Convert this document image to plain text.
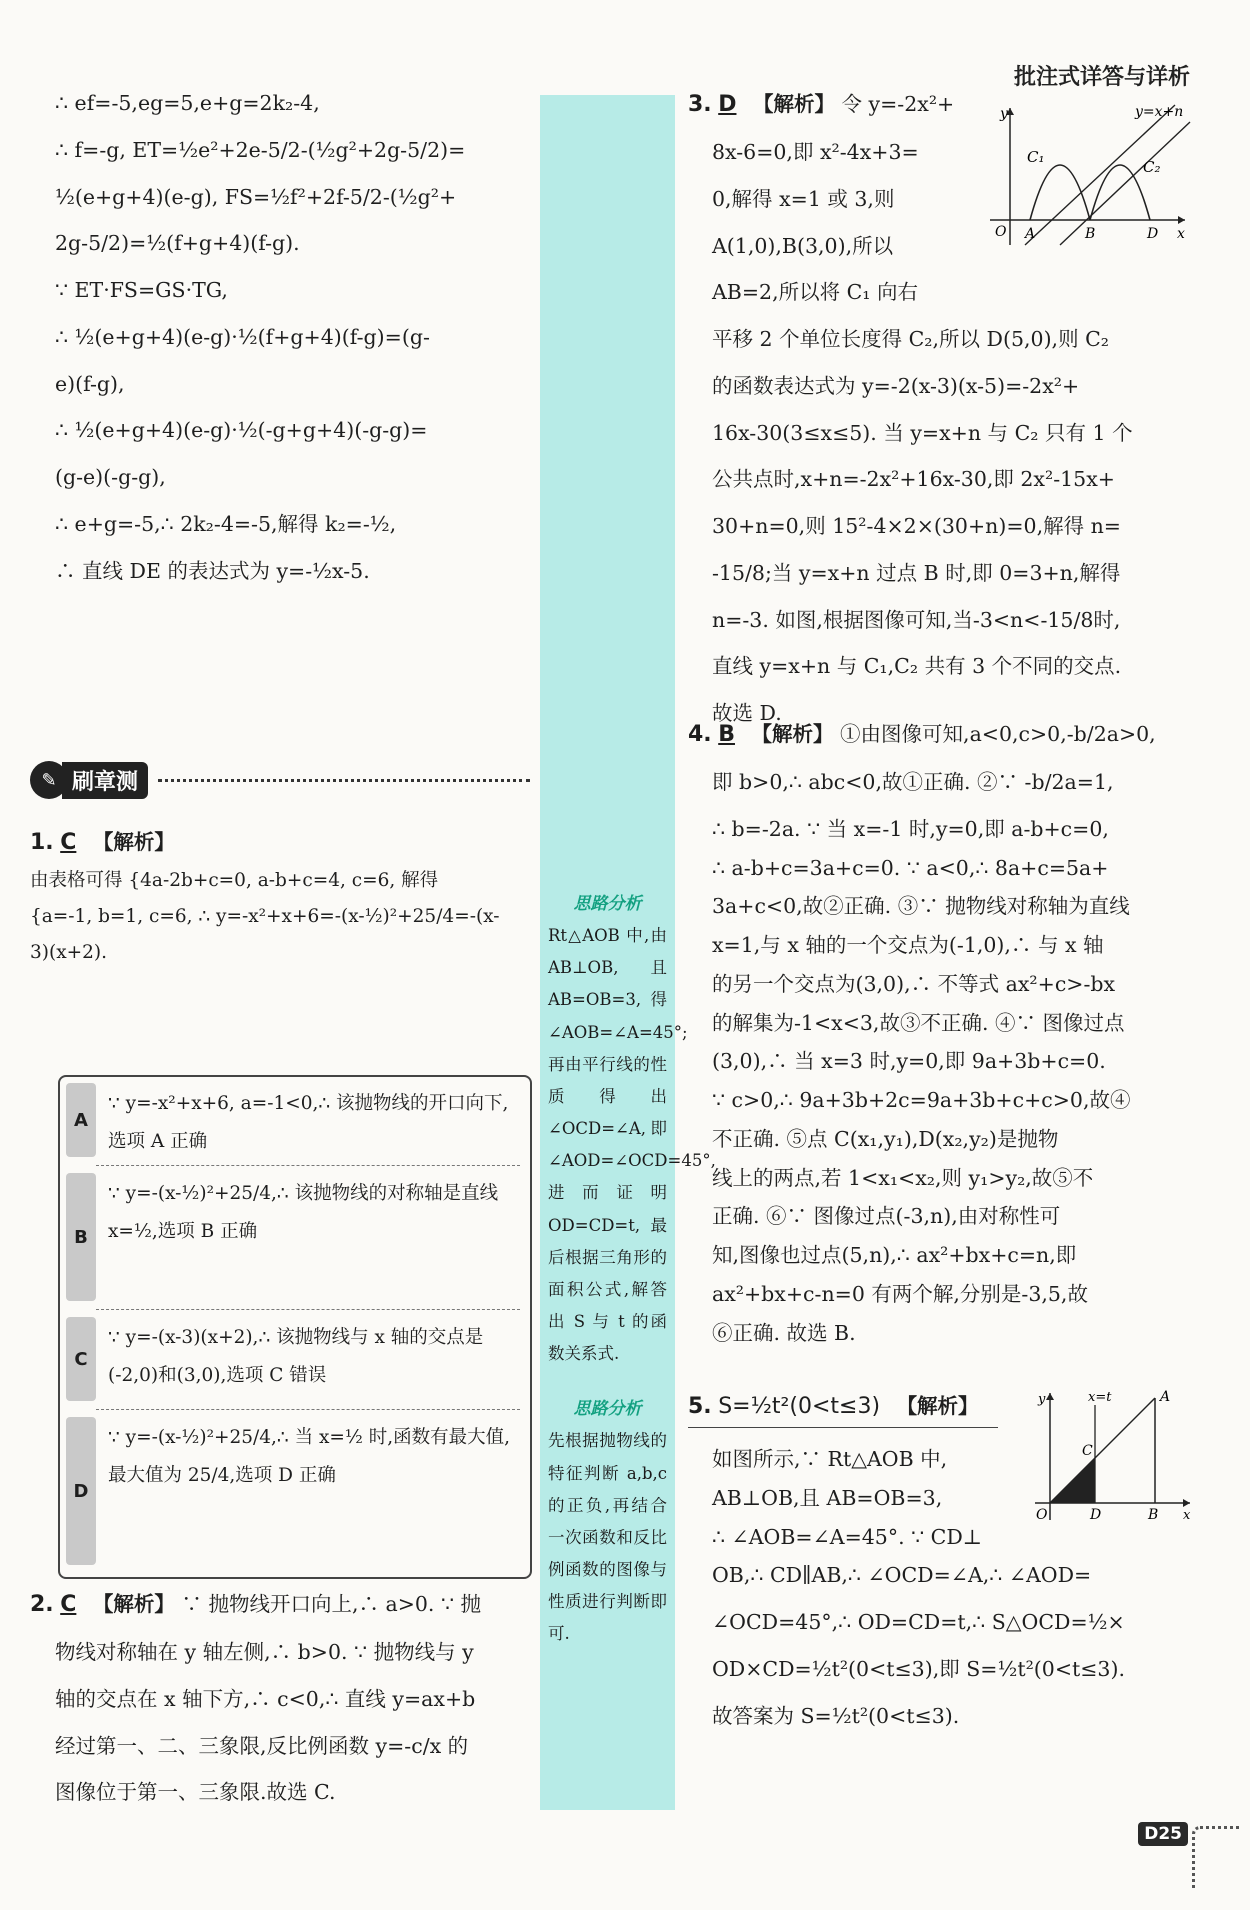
批注式详答与详析
∴ ef=-5,eg=5,e+g=2k₂-4,
∴ f=-g, ET=½e²+2e-5/2-(½g²+2g-5/2)=
½(e+g+4)(e-g), FS=½f²+2f-5/2-(½g²+
2g-5/2)=½(f+g+4)(f-g).
∵ ET·FS=GS·TG,
∴ ½(e+g+4)(e-g)·½(f+g+4)(f-g)=(g-
e)(f-g),
∴ ½(e+g+4)(e-g)·½(-g+g+4)(-g-g)=
(g-e)(-g-g),
∴ e+g=-5,∴ 2k₂-4=-5,解得 k₂=-½,
∴ 直线 DE 的表达式为 y=-½x-5.
✎ 刷章测
1. C 【解析】
由表格可得 {4a-2b+c=0, a-b+c=4, c=6, 解得
{a=-1, b=1, c=6, ∴ y=-x²+x+6=-(x-½)²+25/4=-(x-
3)(x+2).
A
∵ y=-x²+x+6, a=-1<0,∴ 该抛物线的开口向下,选项 A 正确
B
∵ y=-(x-½)²+25/4,∴ 该抛物线的对称轴是直线 x=½,选项 B 正确
C
∵ y=-(x-3)(x+2),∴ 该抛物线与 x 轴的交点是(-2,0)和(3,0),选项 C 错误
D
∵ y=-(x-½)²+25/4,∴ 当 x=½ 时,函数有最大值,最大值为 25/4,选项 D 正确
2. C 【解析】 ∵ 抛物线开口向上,∴ a>0. ∵ 抛
物线对称轴在 y 轴左侧,∴ b>0. ∵ 抛物线与 y
轴的交点在 x 轴下方,∴ c<0,∴ 直线 y=ax+b
经过第一、二、三象限,反比例函数 y=-c/x 的
图像位于第一、三象限.故选 C.
思路分析
Rt△AOB 中,由 AB⊥OB,且 AB=OB=3,得 ∠AOB=∠A=45°;再由平行线的性质得出 ∠OCD=∠A,即 ∠AOD=∠OCD=45°,进而证明 OD=CD=t,最后根据三角形的面积公式,解答出 S 与 t 的函数关系式.
思路分析
先根据抛物线的特征判断 a,b,c 的正负,再结合一次函数和反比例函数的图像与性质进行判断即可.
3. D 【解析】 令 y=-2x²+
8x-6=0,即 x²-4x+3=
0,解得 x=1 或 3,则
A(1,0),B(3,0),所以
AB=2,所以将 C₁ 向右
平移 2 个单位长度得 C₂,所以 D(5,0),则 C₂
的函数表达式为 y=-2(x-3)(x-5)=-2x²+
16x-30(3≤x≤5). 当 y=x+n 与 C₂ 只有 1 个
公共点时,x+n=-2x²+16x-30,即 2x²-15x+
30+n=0,则 15²-4×2×(30+n)=0,解得 n=
-15/8;当 y=x+n 过点 B 时,即 0=3+n,解得
n=-3. 如图,根据图像可知,当-3<n<-15/8时,
直线 y=x+n 与 C₁,C₂ 共有 3 个不同的交点.
故选 D.
y
x
y=x+n
C₁
C₂
O A	B	D
4. B 【解析】 ①由图像可知,a<0,c>0,-b/2a>0,
即 b>0,∴ abc<0,故①正确. ②∵ -b/2a=1,
∴ b=-2a. ∵ 当 x=-1 时,y=0,即 a-b+c=0,
∴ a-b+c=3a+c=0. ∵ a<0,∴ 8a+c=5a+
3a+c<0,故②正确. ③∵ 抛物线对称轴为直线
x=1,与 x 轴的一个交点为(-1,0),∴ 与 x 轴
的另一个交点为(3,0),∴ 不等式 ax²+c>-bx
的解集为-1<x<3,故③不正确. ④∵ 图像过点
(3,0),∴ 当 x=3 时,y=0,即 9a+3b+c=0.
∵ c>0,∴ 9a+3b+2c=9a+3b+c+c>0,故④
不正确. ⑤点 C(x₁,y₁),D(x₂,y₂)是抛物
线上的两点,若 1<x₁<x₂,则 y₁>y₂,故⑤不
正确. ⑥∵ 图像过点(-3,n),由对称性可
知,图像也过点(5,n),∴ ax²+bx+c=n,即
ax²+bx+c-n=0 有两个解,分别是-3,5,故
⑥正确. 故选 B.
5. S=½t²(0<t≤3) 【解析】
如图所示,∵ Rt△AOB 中,
AB⊥OB,且 AB=OB=3,
∴ ∠AOB=∠A=45°. ∵ CD⊥
OB,∴ CD∥AB,∴ ∠OCD=∠A,∴ ∠AOD=
∠OCD=45°,∴ OD=CD=t,∴ S△OCD=½×
OD×CD=½t²(0<t≤3),即 S=½t²(0<t≤3).
故答案为 S=½t²(0<t≤3).
y
x
x=t	A
C
O	D	B
D25
